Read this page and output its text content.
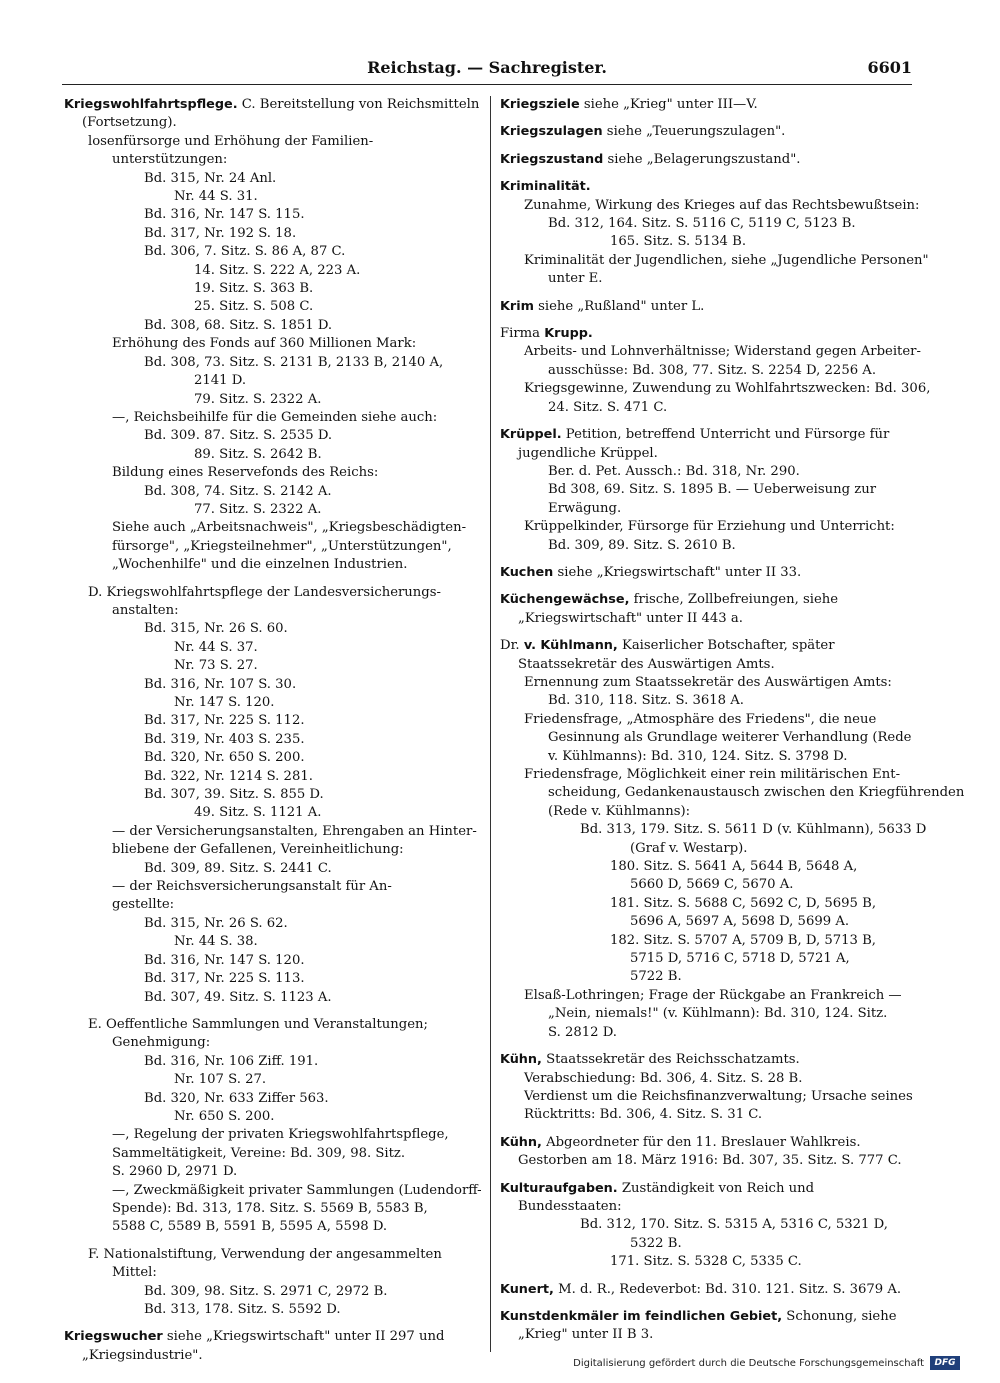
Reichstag. — Sachregister.	6601
Kriegswohlfahrtspflege. C. Bereitstellung von Reichsmitteln (Fortsetzung).
losenfürsorge und Erhöhung der Familien-
unterstützungen:
Bd. 315, Nr. 24 Anl.
Nr. 44 S. 31.
Bd. 316, Nr. 147 S. 115.
Bd. 317, Nr. 192 S. 18.
Bd. 306, 7. Sitz. S. 86 A, 87 C.
14. Sitz. S. 222 A, 223 A.
19. Sitz. S. 363 B.
25. Sitz. S. 508 C.
Bd. 308, 68. Sitz. S. 1851 D.
Erhöhung des Fonds auf 360 Millionen Mark:
Bd. 308, 73. Sitz. S. 2131 B, 2133 B, 2140 A,
2141 D.
79. Sitz. S. 2322 A.
—, Reichsbeihilfe für die Gemeinden siehe auch:
Bd. 309. 87. Sitz. S. 2535 D.
89. Sitz. S. 2642 B.
Bildung eines Reservefonds des Reichs:
Bd. 308, 74. Sitz. S. 2142 A.
77. Sitz. S. 2322 A.
Siehe auch „Arbeitsnachweis", „Kriegsbeschädigten-
fürsorge", „Kriegsteilnehmer", „Unterstützungen",
„Wochenhilfe" und die einzelnen Industrien.
D. Kriegswohlfahrtspflege der Landesversicherungs-
anstalten:
Bd. 315, Nr. 26 S. 60.
Nr. 44 S. 37.
Nr. 73 S. 27.
Bd. 316, Nr. 107 S. 30.
Nr. 147 S. 120.
Bd. 317, Nr. 225 S. 112.
Bd. 319, Nr. 403 S. 235.
Bd. 320, Nr. 650 S. 200.
Bd. 322, Nr. 1214 S. 281.
Bd. 307, 39. Sitz. S. 855 D.
49. Sitz. S. 1121 A.
— der Versicherungsanstalten, Ehrengaben an Hinter-
bliebene der Gefallenen, Vereinheitlichung:
Bd. 309, 89. Sitz. S. 2441 C.
— der Reichsversicherungsanstalt für An-
gestellte:
Bd. 315, Nr. 26 S. 62.
Nr. 44 S. 38.
Bd. 316, Nr. 147 S. 120.
Bd. 317, Nr. 225 S. 113.
Bd. 307, 49. Sitz. S. 1123 A.
E. Oeffentliche Sammlungen und Veranstaltungen;
Genehmigung:
Bd. 316, Nr. 106 Ziff. 191.
Nr. 107 S. 27.
Bd. 320, Nr. 633 Ziffer 563.
Nr. 650 S. 200.
—, Regelung der privaten Kriegswohlfahrtspflege,
Sammeltätigkeit, Vereine: Bd. 309, 98. Sitz.
S. 2960 D, 2971 D.
—, Zweckmäßigkeit privater Sammlungen (Ludendorff-
Spende): Bd. 313, 178. Sitz. S. 5569 B, 5583 B,
5588 C, 5589 B, 5591 B, 5595 A, 5598 D.
F. Nationalstiftung, Verwendung der angesammelten
Mittel:
Bd. 309, 98. Sitz. S. 2971 C, 2972 B.
Bd. 313, 178. Sitz. S. 5592 D.
Kriegswucher siehe „Kriegswirtschaft" unter II 297 und „Kriegsindustrie".
Kriegsziele siehe „Krieg" unter III—V.
Kriegszulagen siehe „Teuerungszulagen".
Kriegszustand siehe „Belagerungszustand".
Kriminalität.
Zunahme, Wirkung des Krieges auf das Rechtsbewußtsein:
Bd. 312, 164. Sitz. S. 5116 C, 5119 C, 5123 B.
165. Sitz. S. 5134 B.
Kriminalität der Jugendlichen, siehe „Jugendliche Personen"
unter E.
Krim siehe „Rußland" unter L.
Firma Krupp.
Arbeits- und Lohnverhältnisse; Widerstand gegen Arbeiter-
ausschüsse: Bd. 308, 77. Sitz. S. 2254 D, 2256 A.
Kriegsgewinne, Zuwendung zu Wohlfahrtszwecken: Bd. 306,
24. Sitz. S. 471 C.
Krüppel. Petition, betreffend Unterricht und Fürsorge für jugendliche Krüppel.
Ber. d. Pet. Aussch.: Bd. 318, Nr. 290.
Bd 308, 69. Sitz. S. 1895 B. — Ueberweisung zur
Erwägung.
Krüppelkinder, Fürsorge für Erziehung und Unterricht:
Bd. 309, 89. Sitz. S. 2610 B.
Kuchen siehe „Kriegswirtschaft" unter II 33.
Küchengewächse, frische, Zollbefreiungen, siehe „Kriegswirtschaft" unter II 443 a.
Dr. v. Kühlmann, Kaiserlicher Botschafter, später Staatssekretär des Auswärtigen Amts.
Ernennung zum Staatssekretär des Auswärtigen Amts:
Bd. 310, 118. Sitz. S. 3618 A.
Friedensfrage, „Atmosphäre des Friedens", die neue
Gesinnung als Grundlage weiterer Verhandlung (Rede
v. Kühlmanns): Bd. 310, 124. Sitz. S. 3798 D.
Friedensfrage, Möglichkeit einer rein militärischen Ent-
scheidung, Gedankenaustausch zwischen den Kriegführenden
(Rede v. Kühlmanns):
Bd. 313, 179. Sitz. S. 5611 D (v. Kühlmann), 5633 D
(Graf v. Westarp).
180. Sitz. S. 5641 A, 5644 B, 5648 A,
5660 D, 5669 C, 5670 A.
181. Sitz. S. 5688 C, 5692 C, D, 5695 B,
5696 A, 5697 A, 5698 D, 5699 A.
182. Sitz. S. 5707 A, 5709 B, D, 5713 B,
5715 D, 5716 C, 5718 D, 5721 A,
5722 B.
Elsaß-Lothringen; Frage der Rückgabe an Frankreich —
„Nein, niemals!" (v. Kühlmann): Bd. 310, 124. Sitz.
S. 2812 D.
Kühn, Staatssekretär des Reichsschatzamts.
Verabschiedung: Bd. 306, 4. Sitz. S. 28 B.
Verdienst um die Reichsfinanzverwaltung; Ursache seines
Rücktritts: Bd. 306, 4. Sitz. S. 31 C.
Kühn, Abgeordneter für den 11. Breslauer Wahlkreis. Gestorben am 18. März 1916: Bd. 307, 35. Sitz. S. 777 C.
Kulturaufgaben. Zuständigkeit von Reich und Bundesstaaten:
Bd. 312, 170. Sitz. S. 5315 A, 5316 C, 5321 D,
5322 B.
171. Sitz. S. 5328 C, 5335 C.
Kunert, M. d. R., Redeverbot: Bd. 310. 121. Sitz. S. 3679 A.
Kunstdenkmäler im feindlichen Gebiet, Schonung, siehe „Krieg" unter II B 3.
Digitalisierung gefördert durch die Deutsche Forschungsgemeinschaft	DFG
